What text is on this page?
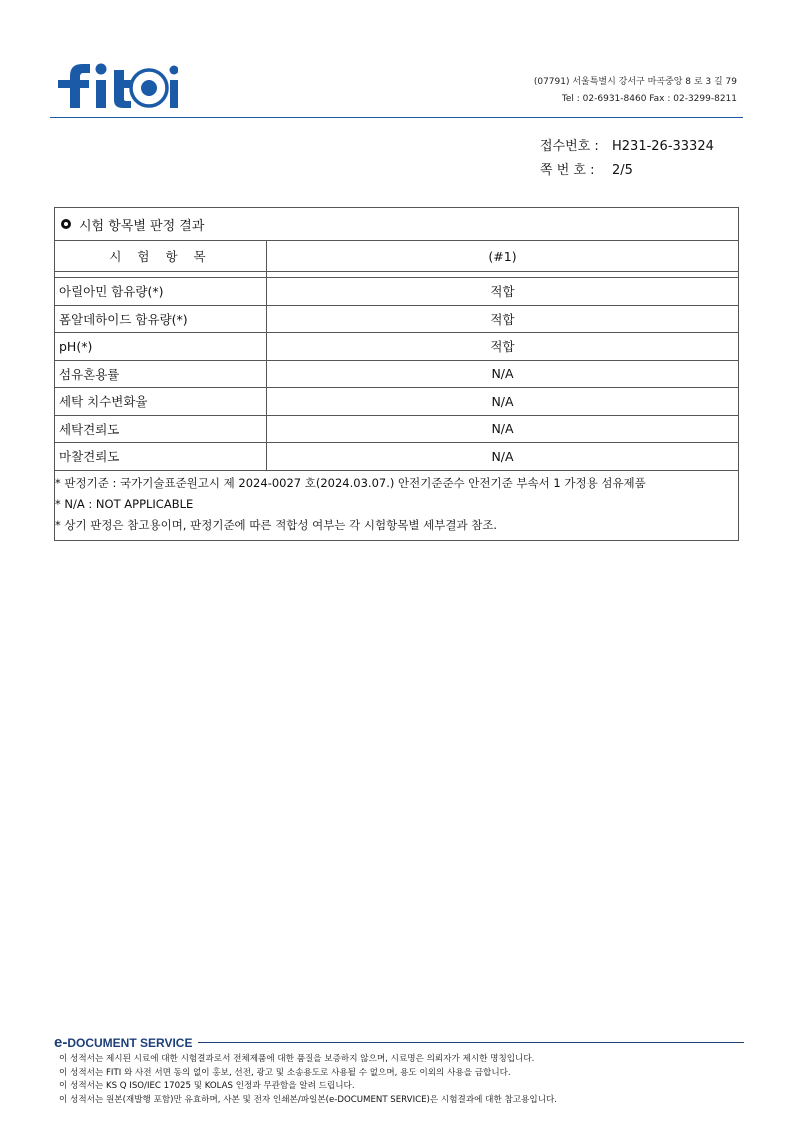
fiti
(07791) 서울특별시 강서구 마곡중앙 8 로 3 길 79
Tel : 02-6931-8460 Fax : 02-3299-8211
접수번호 :	H231-26-33324
쪽 번 호 :	2/5
시험 항목별 판정 결과
시 험 항 목	(#1)
아릴아민 함유량(*)	적합
폼알데하이드 함유량(*)	적합
pH(*)	적합
섬유혼용률	N/A
세탁 치수변화율	N/A
세탁견뢰도	N/A
마찰견뢰도	N/A
* 판정기준 : 국가기술표준원고시 제 2024-0027 호(2024.03.07.) 안전기준준수 안전기준 부속서 1 가정용 섬유제품
* N/A : NOT APPLICABLE
* 상기 판정은 참고용이며, 판정기준에 따른 적합성 여부는 각 시험항목별 세부결과 참조.
e-DOCUMENT SERVICE
이 성적서는 제시된 시료에 대한 시험결과로서 전체제품에 대한 품질을 보증하지 않으며, 시료명은 의뢰자가 제시한 명칭입니다.
이 성적서는 FITI 와 사전 서면 동의 없이 홍보, 선전, 광고 및 소송용도로 사용될 수 없으며, 용도 이외의 사용을 금합니다.
이 성적서는 KS Q ISO/IEC 17025 및 KOLAS 인정과 무관함을 알려 드립니다.
이 성적서는 원본(재발행 포함)만 유효하며, 사본 및 전자 인쇄본/파일본(e-DOCUMENT SERVICE)은 시험결과에 대한 참고용입니다.
